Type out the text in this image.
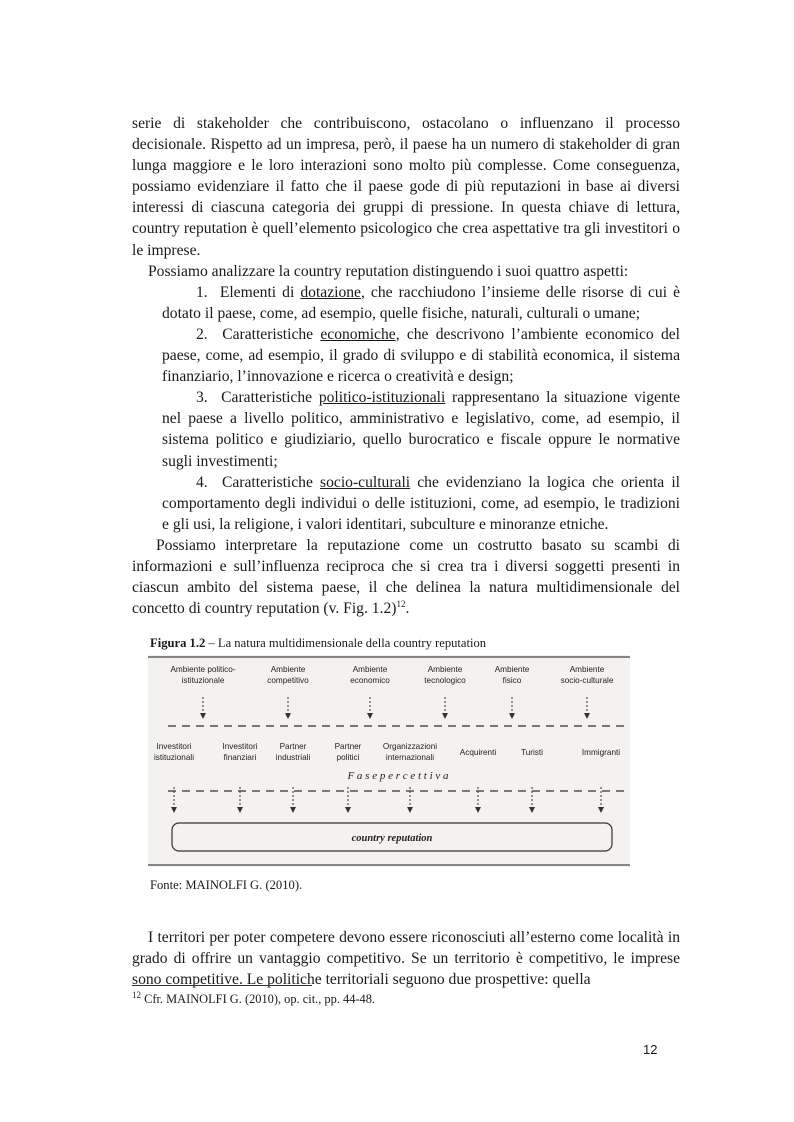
serie di stakeholder che contribuiscono, ostacolano o influenzano il processo decisionale. Rispetto ad un impresa, però, il paese ha un numero di stakeholder di gran lunga maggiore e le loro interazioni sono molto più complesse. Come conseguenza, possiamo evidenziare il fatto che il paese gode di più reputazioni in base ai diversi interessi di ciascuna categoria dei gruppi di pressione. In questa chiave di lettura, country reputation è quell’elemento psicologico che crea aspettative tra gli investitori o le imprese.

Possiamo analizzare la country reputation distinguendo i suoi quattro aspetti:

1. Elementi di dotazione, che racchiudono l’insieme delle risorse di cui è dotato il paese, come, ad esempio, quelle fisiche, naturali, culturali o umane;
2. Caratteristiche economiche, che descrivono l’ambiente economico del paese, come, ad esempio, il grado di sviluppo e di stabilità economica, il sistema finanziario, l’innovazione e ricerca o creatività e design;
3. Caratteristiche politico-istituzionali rappresentano la situazione vigente nel paese a livello politico, amministrativo e legislativo, come, ad esempio, il sistema politico e giudiziario, quello burocratico e fiscale oppure le normative sugli investimenti;
4. Caratteristiche socio-culturali che evidenziano la logica che orienta il comportamento degli individui o delle istituzioni, come, ad esempio, le tradizioni e gli usi, la religione, i valori identitari, subculture e minoranze etniche.

Possiamo interpretare la reputazione come un costrutto basato su scambi di informazioni e sull’influenza reciproca che si crea tra i diversi soggetti presenti in ciascun ambito del sistema paese, il che delinea la natura multidimensionale del concetto di country reputation (v. Fig. 1.2)$^{12}$.

Figura 1.2 – La natura multidimensionale della country reputation
Ambiente politico-
istituzionale
Ambiente
competitivo
Ambiente
economico
Ambiente
tecnologico
Ambiente
fisico
Ambiente
socio-culturale
Investitori
istituzionali
Investitori
finanziari
Partner
industriali
Partner
politici
Organizzazioni
internazionali
Acquirenti	Turisti	Immigranti
F a s e p e r c e t t i v a
country reputation
Fonte: MAINOLFI G. (2010).

I territori per poter competere devono essere riconosciuti all’esterno come località in grado di offrire un vantaggio competitivo. Se un territorio è competitivo, le imprese sono competitive. Le politiche territoriali seguono due prospettive: quella

$^{12}$ Cfr. MAINOLFI G. (2010), op. cit., pp. 44-48.
12
